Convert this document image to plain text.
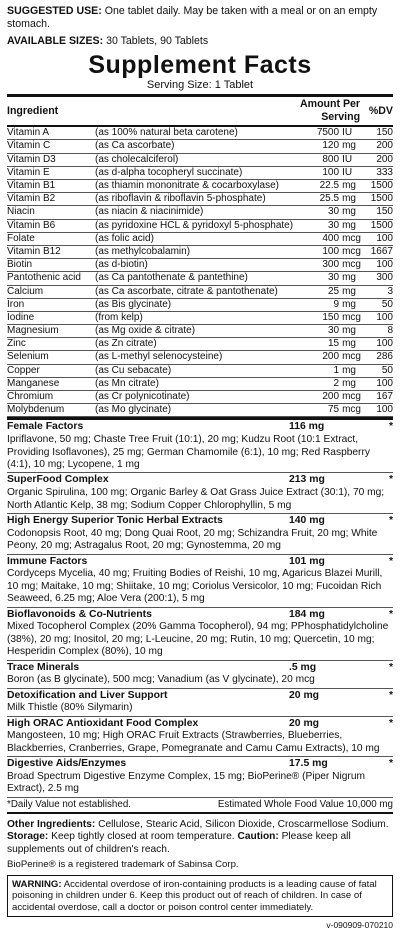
SUGGESTED USE: One tablet daily. May be taken with a meal or on an empty stomach.

AVAILABLE SIZES: 30 Tablets, 90 Tablets

Supplement Facts
Serving Size: 1 Tablet
Ingredient		Amount Per Serving		%DV
Vitamin A	(as 100% natural beta carotene)	7500	IU	150
Vitamin C	(as Ca ascorbate)	120	mg	200
Vitamin D3	(as cholecalciferol)	800	IU	200
Vitamin E	(as d-alpha tocopheryl succinate)	100	IU	333
Vitamin B1	(as thiamin mononitrate & cocarboxylase)	22.5	mg	1500
Vitamin B2	(as riboflavin & riboflavin 5-phosphate)	25.5	mg	1500
Niacin	(as niacin & niacinimide)	30	mg	150
Vitamin B6	(as pyridoxine HCL & pyridoxyl 5-phosphate)	30	mg	1500
Folate	(as folic acid)	400	mcg	100
Vitamin B12	(as methylcobalamin)	100	mcg	1667
Biotin	(as d-biotin)	300	mcg	100
Pantothenic acid	(as Ca pantothenate & pantethine)	30	mg	300
Calcium	(as Ca ascorbate, citrate & pantothenate)	25	mg	3
Iron	(as Bis glycinate)	9	mg	50
Iodine	(from kelp)	150	mcg	100
Magnesium	(as Mg oxide & citrate)	30	mg	8
Zinc	(as Zn citrate)	15	mg	100
Selenium	(as L-methyl selenocysteine)	200	mcg	286
Copper	(as Cu sebacate)	1	mg	50
Manganese	(as Mn citrate)	2	mg	100
Chromium	(as Cr polynicotinate)	200	mcg	167
Molybdenum	(as Mo glycinate)	75	mcg	100
Female Factors	116 mg	*
Ipriflavone, 50 mg; Chaste Tree Fruit (10:1), 20 mg; Kudzu Root (10:1 Extract, Providing Isoflavones), 25 mg; German Chamomile (6:1), 10 mg; Red Raspberry (4:1), 10 mg; Lycopene, 1 mg
SuperFood Complex	213 mg	*
Organic Spirulina, 100 mg; Organic Barley & Oat Grass Juice Extract (30:1), 70 mg; North Atlantic Kelp, 38 mg; Sodium Copper Chlorophyllin, 5 mg
High Energy Superior Tonic Herbal Extracts	140 mg	*
Codonopsis Root, 40 mg; Dong Quai Root, 20 mg; Schizandra Fruit, 20 mg; White Peony, 20 mg; Astragalus Root, 20 mg; Gynostemma, 20 mg
Immune Factors	101 mg	*
Cordyceps Mycelia, 40 mg; Fruiting Bodies of Reishi, 10 mg, Agaricus Blazei Murill, 10 mg; Maitake, 10 mg; Shiitake, 10 mg; Coriolus Versicolor, 10 mg; Fucoidan Rich Seaweed, 6.25 mg; Aloe Vera (200:1), 5 mg
Bioflavonoids & Co-Nutrients	184 mg	*
Mixed Tocopherol Complex (20% Gamma Tocopherol), 94 mg; PPhosphatidylcholine (38%), 20 mg; Inositol, 20 mg; L-Leucine, 20 mg; Rutin, 10 mg; Quercetin, 10 mg; Hesperidin Complex (80%), 10 mg
Trace Minerals	.5 mg	*
Boron (as B glycinate), 500 mcg; Vanadium (as V glycinate), 20 mcg
Detoxification and Liver Support	20 mg	*
Milk Thistle (80% Silymarin)
High ORAC Antioxidant Food Complex	20 mg	*
Mangosteen, 10 mg; High ORAC Fruit Extracts (Strawberries, Blueberries, Blackberries, Cranberries, Grape, Pomegranate and Camu Camu Extracts), 10 mg
Digestive Aids/Enzymes	17.5 mg	*
Broad Spectrum Digestive Enzyme Complex, 15 mg; BioPerine® (Piper Nigrum Extract), 2.5 mg
*Daily Value not established.	Estimated Whole Food Value 10,000 mg
Other Ingredients: Cellulose, Stearic Acid, Silicon Dioxide, Croscarmellose Sodium. Storage: Keep tightly closed at room temperature. Caution: Please keep all supplements out of children's reach.
BioPerine® is a registered trademark of Sabinsa Corp.
WARNING: Accidental overdose of iron-containing products is a leading cause of fatal poisoning in children under 6. Keep this product out of reach of children. In case of accidental overdose, call a doctor or poison control center immediately.
v-090909-070210
